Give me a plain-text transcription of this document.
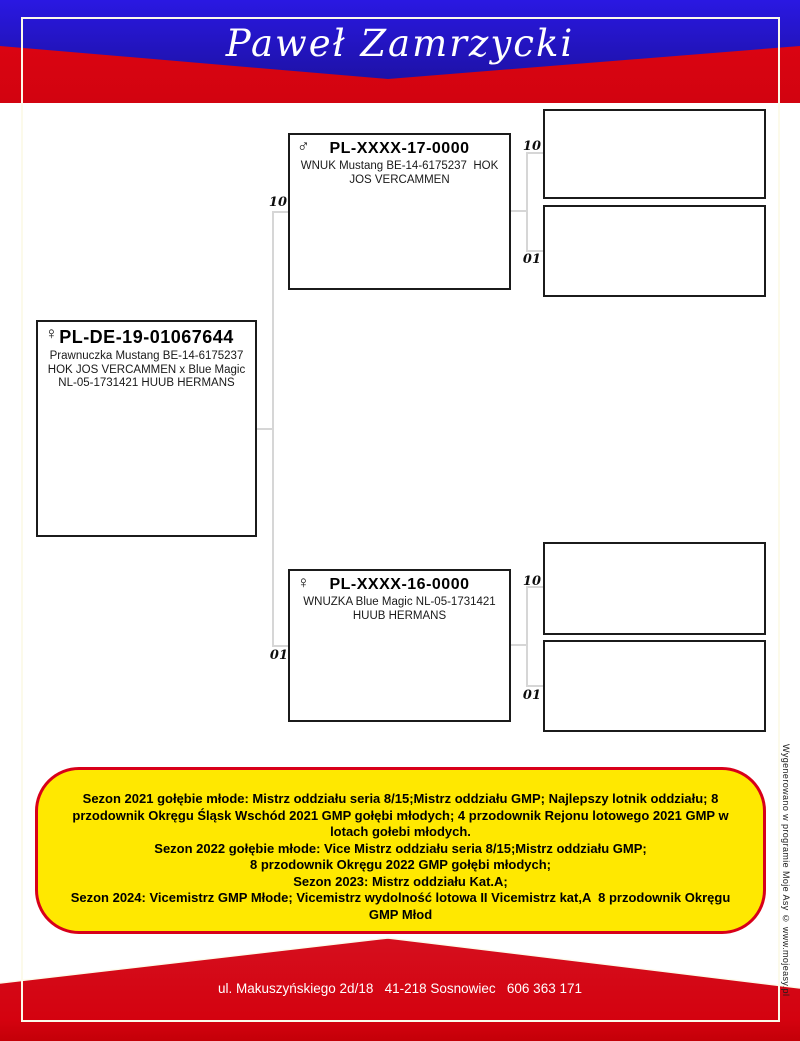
Paweł Zamrzycki
10
01
10
01
10
01
♀ PL-DE-19-01067644
Prawnuczka Mustang BE-14-6175237 HOK JOS VERCAMMEN x Blue Magic NL-05-1731421 HUUB HERMANS
♂	PL-XXXX-17-0000
WNUK Mustang BE-14-6175237  HOK JOS VERCAMMEN
♀	PL-XXXX-16-0000
WNUZKA Blue Magic NL-05-1731421 HUUB HERMANS
Sezon 2021 gołębie młode: Mistrz oddziału seria 8/15;Mistrz oddziału GMP; Najlepszy lotnik oddziału; 8 przodownik Okręgu Śląsk Wschód 2021 GMP gołębi młodych; 4 przodownik Rejonu lotowego 2021 GMP w lotach gołebi młodych.
Sezon 2022 gołębie młode: Vice Mistrz oddziału seria 8/15;Mistrz oddziału GMP;
8 przodownik Okręgu 2022 GMP gołębi młodych;
Sezon 2023: Mistrz oddziału Kat.A;
Sezon 2024: Vicemistrz GMP Młode; Vicemistrz wydolność lotowa II Vicemistrz kat,A  8 przodownik Okręgu GMP Młod
ul. Makuszyńskiego 2d/18   41-218 Sosnowiec   606 363 171	Wygenerowano w programie Moje Asy © www.mojeasy.pl
